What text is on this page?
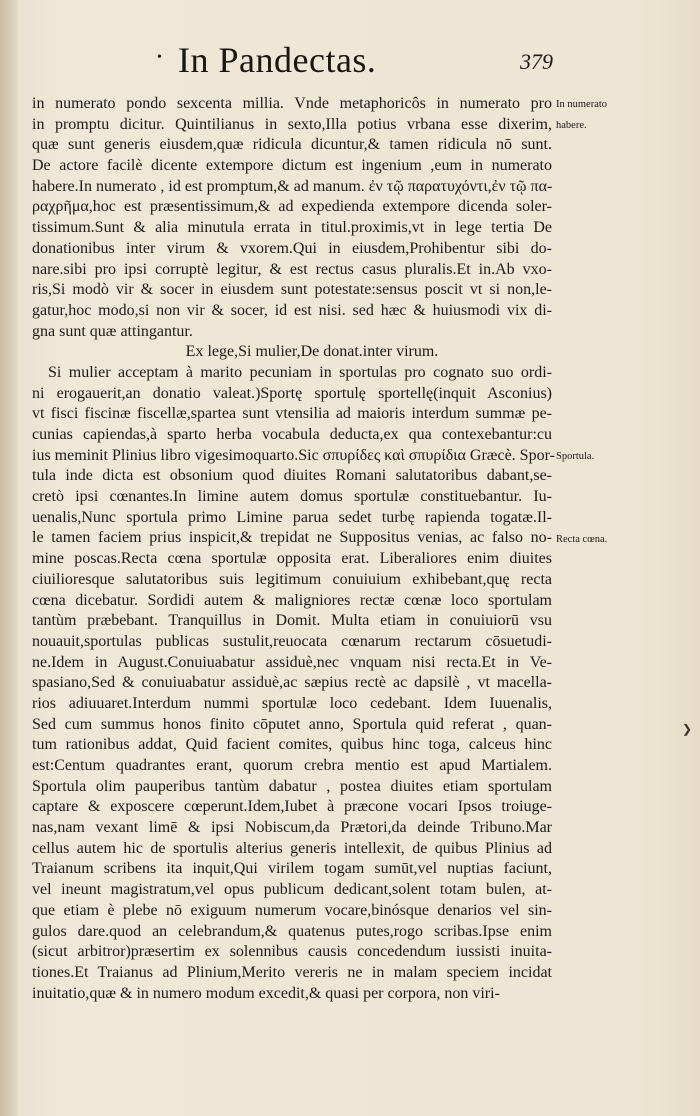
• In Pandectas.	379
in numerato pondo sexcenta millia. Vnde metaphoricôs in numerato pro
in promptu dicitur. Quintilianus in sexto,Illa potius vrbana esse dixerim,
quæ sunt generis eiusdem,quæ ridicula dicuntur,& tamen ridicula nō sunt.
De actore facilè dicente extempore dictum est ingenium ,eum in numerato
habere.In numerato , id est promptum,& ad manum. ἐν τῷ παρατυχόντι,ἐν τῷ πα-
ραχρῆμα,hoc est præsentissimum,& ad expedienda extempore dicenda soler-
tissimum.Sunt & alia minutula errata in titul.proximis,vt in lege tertia De
donationibus inter virum & vxorem.Qui in eiusdem,Prohibentur sibi do-
nare.sibi pro ipsi corruptè legitur, & est rectus casus pluralis.Et in.Ab vxo-
ris,Si modò vir & socer in eiusdem sunt potestate:sensus poscit vt si non,le-
gatur,hoc modo,si non vir & socer, id est nisi. sed hæc & huiusmodi vix di-
gna sunt quæ attingantur.
Ex lege,Si mulier,De donat.inter virum.
Si mulier acceptam à marito pecuniam in sportulas pro cognato suo ordi-
ni erogauerit,an donatio valeat.)Sportę sportulę sportellę(inquit Asconius)
vt fisci fiscinæ fiscellæ,spartea sunt vtensilia ad maioris interdum summæ pe-
cunias capiendas,à sparto herba vocabula deducta,ex qua contexebantur:cu
ius meminit Plinius libro vigesimoquarto.Sic σπυρίδες καὶ σπυρίδια Græcè. Spor-
tula inde dicta est obsonium quod diuites Romani salutatoribus dabant,se-
cretò ipsi cœnantes.In limine autem domus sportulæ constituebantur. Iu-
uenalis,Nunc sportula primo Limine parua sedet turbę rapienda togatæ.Il-
le tamen faciem prius inspicit,& trepidat ne Suppositus venias, ac falso no-
mine poscas.Recta cœna sportulæ opposita erat. Liberaliores enim diuites
ciuilioresque salutatoribus suis legitimum conuiuium exhibebant,quę recta
cœna dicebatur. Sordidi autem & maligniores rectæ cœnæ loco sportulam
tantùm præbebant. Tranquillus in Domit. Multa etiam in conuiuiorū vsu
nouauit,sportulas publicas sustulit,reuocata cœnarum rectarum cōsuetudi-
ne.Idem in August.Conuiuabatur assiduè,nec vnquam nisi recta.Et in Ve-
spasiano,Sed & conuiuabatur assiduè,ac sæpius rectè ac dapsilè , vt macella-
rios adiuuaret.Interdum nummi sportulæ loco cedebant. Idem Iuuenalis,
Sed cum summus honos finito cōputet anno, Sportula quid referat , quan-
tum rationibus addat, Quid facient comites, quibus hinc toga, calceus hinc
est:Centum quadrantes erant, quorum crebra mentio est apud Martialem.
Sportula olim pauperibus tantùm dabatur , postea diuites etiam sportulam
captare & exposcere cœperunt.Idem,Iubet à præcone vocari Ipsos troiuge-
nas,nam vexant limē & ipsi Nobiscum,da Prætori,da deinde Tribuno.Mar
cellus autem hic de sportulis alterius generis intellexit, de quibus Plinius ad
Traianum scribens ita inquit,Qui virilem togam sumūt,vel nuptias faciunt,
vel ineunt magistratum,vel opus publicum dedicant,solent totam bulen, at-
que etiam è plebe nō exiguum numerum vocare,binósque denarios vel sin-
gulos dare.quod an celebrandum,& quatenus putes,rogo scribas.Ipse enim
(sicut arbitror)præsertim ex solennibus causis concedendum iussisti inuita-
tiones.Et Traianus ad Plinium,Merito vereris ne in malam speciem incidat
inuitatio,quæ & in numero modum excedit,& quasi per corpora, non viri-
In numerato
habere.
Sportula.
Recta cœna.
❯
